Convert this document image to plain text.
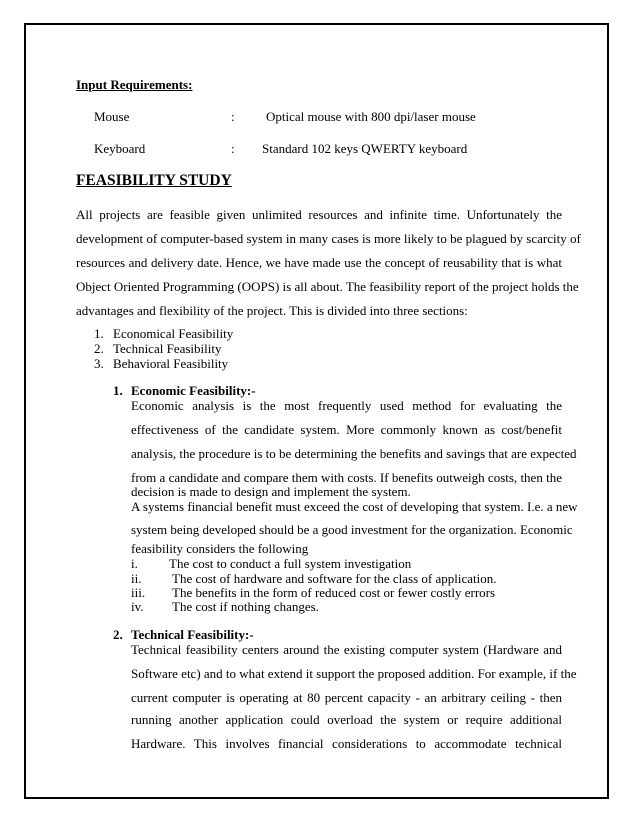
Input Requirements:
Mouse	: Optical mouse with 800 dpi/laser mouse
Keyboard	: Standard 102 keys QWERTY keyboard
FEASIBILITY STUDY
All projects are feasible given unlimited resources and infinite time. Unfortunately the
development of computer-based system in many cases is more likely to be plagued by scarcity of
resources and delivery date. Hence, we have made use the concept of reusability that is what
Object Oriented Programming (OOPS) is all about. The feasibility report of the project holds the
advantages and flexibility of the project. This is divided into three sections:
1. Economical Feasibility
2. Technical Feasibility
3. Behavioral Feasibility
1. Economic Feasibility:-
Economic analysis is the most frequently used method for evaluating the
effectiveness of the candidate system. More commonly known as cost/benefit
analysis, the procedure is to be determining the benefits and savings that are expected
from a candidate and compare them with costs. If benefits outweigh costs, then the
decision is made to design and implement the system.
A systems financial benefit must exceed the cost of developing that system. I.e. a new
system being developed should be a good investment for the organization. Economic
feasibility considers the following
i. The cost to conduct a full system investigation
ii. The cost of hardware and software for the class of application.
iii. The benefits in the form of reduced cost or fewer costly errors
iv. The cost if nothing changes.
2. Technical Feasibility:-
Technical feasibility centers around the existing computer system (Hardware and
Software etc) and to what extend it support the proposed addition. For example, if the
current computer is operating at 80 percent capacity - an arbitrary ceiling - then
running another application could overload the system or require additional
Hardware. This involves financial considerations to accommodate technical
